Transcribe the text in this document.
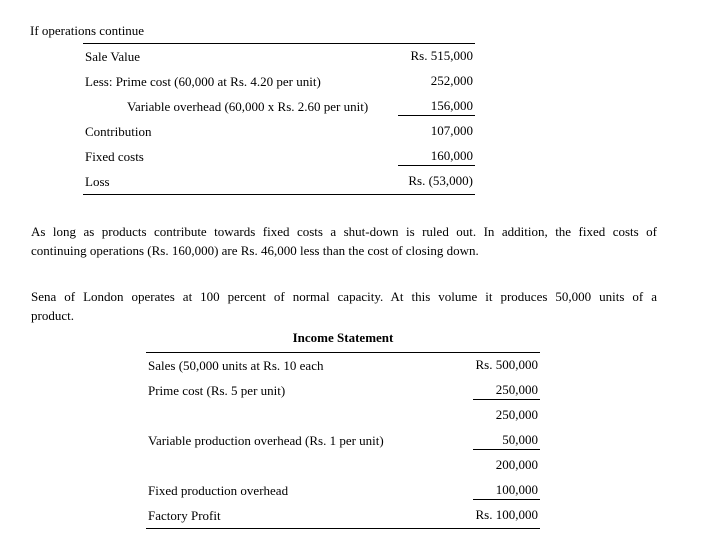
If operations continue
Sale Value	Rs. 515,000
Less: Prime cost (60,000 at Rs. 4.20 per unit)	252,000
Variable overhead (60,000 x Rs. 2.60 per unit)	156,000
Contribution	107,000
Fixed costs	160,000
Loss	Rs. (53,000)
As long as products contribute towards fixed costs a shut-down is ruled out. In addition, the fixed costs of
continuing operations (Rs. 160,000) are Rs. 46,000 less than the cost of closing down.
Sena of London operates at 100 percent of normal capacity. At this volume it produces 50,000 units of a
product.
Income Statement
Sales (50,000 units at Rs. 10 each	Rs. 500,000
Prime cost (Rs. 5 per unit)	250,000
250,000
Variable production overhead (Rs. 1 per unit)	50,000
200,000
Fixed production overhead	100,000
Factory Profit	Rs. 100,000
